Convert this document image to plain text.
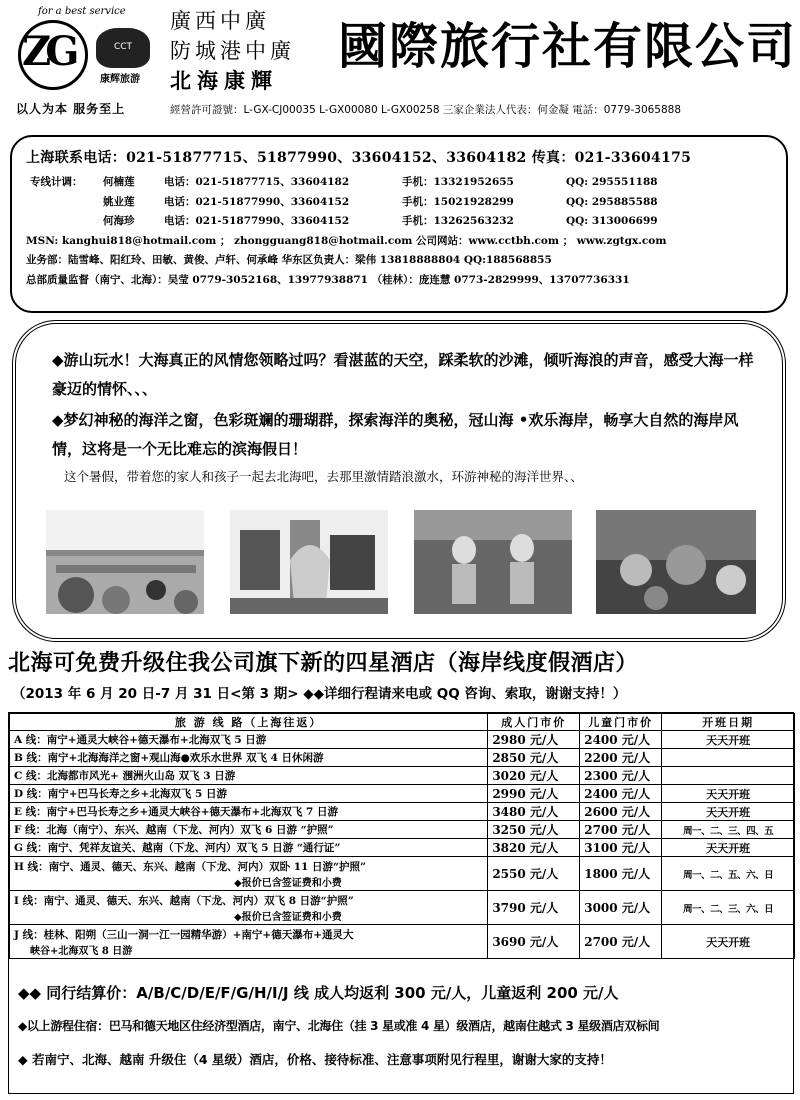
for a best service
ZG	CCT
康辉旅游
以人为本 服务至上
廣西中廣
防城港中廣
北海康輝
國際旅行社有限公司
經營許可證號：L-GX-CJ00035 L-GX00080 L-GX00258 三家企業法人代表：何金凝 電話：0779-3065888
上海联系电话：021-51877715、51877990、33604152、33604182 传真：021-33604175
专线计调： 何楠莲	电话：021-51877715、33604182	手机：13321952655	QQ: 295551188
姚业莲	电话：021-51877990、33604152	手机：15021928299	QQ: 295885588
何海珍	电话：021-51877990、33604152	手机：13262563232	QQ: 313006699
MSN: kanghui818@hotmail.com ； zhongguang818@hotmail.com 公司网站：www.cctbh.com ； www.zgtgx.com
业务部：陆雪峰、阳红玲、田敏、黄俊、卢轩、何承峰 华东区负责人：梁伟 13818888804 QQ:188568855
总部质量监督（南宁、北海）：吴莹 0779-3052168、13977938871 （桂林）：庞连慧 0773-2829999、13707736331
◆游山玩水！大海真正的风情您领略过吗？看湛蓝的天空，踩柔软的沙滩，倾听海浪的声音，感受大海一样豪迈的情怀、、、
◆梦幻神秘的海洋之窗，色彩斑斓的珊瑚群，探索海洋的奥秘，冠山海 •欢乐海岸，畅享大自然的海岸风情，这将是一个无比难忘的滨海假日！
这个暑假，带着您的家人和孩子一起去北海吧，去那里激情踏浪激水，环游神秘的海洋世界、、
北海可免费升级住我公司旗下新的四星酒店（海岸线度假酒店）
（2013 年 6 月 20 日-7 月 31 日<第 3 期> ◆◆详细行程请来电或 QQ 咨询、索取，谢谢支持！）
旅 游 线 路（上海往返）	成人门市价	儿童门市价	开班日期
A 线：南宁+通灵大峡谷+德天瀑布+北海双飞 5 日游	2980 元/人	2400 元/人	天天开班
B 线：南宁+北海海洋之窗+观山海●欢乐水世界 双飞 4 日休闲游	2850 元/人	2200 元/人	
C 线：北海都市风光+ 涠洲火山岛 双飞 3 日游	3020 元/人	2300 元/人	
D 线：南宁+巴马长寿之乡+北海双飞 5 日游	2990 元/人	2400 元/人	天天开班
E 线：南宁+巴马长寿之乡+通灵大峡谷+德天瀑布+北海双飞 7 日游	3480 元/人	2600 元/人	天天开班
F 线：北海（南宁）、东兴、越南（下龙、河内）双飞 6 日游 “护照”	3250 元/人	2700 元/人	周一、二、三、四、五
G 线：南宁、凭祥友谊关、越南（下龙、河内）双飞 5 日游 “通行证”	3820 元/人	3100 元/人	天天开班
H 线：南宁、通灵、德天、东兴、越南（下龙、河内）双卧 11 日游“护照”
◆报价已含签证费和小费	2550 元/人	1800 元/人	周一、二、五、六、日
I 线：南宁、通灵、德天、东兴、越南（下龙、河内）双飞 8 日游“护照”
◆报价已含签证费和小费	3790 元/人	3000 元/人	周一、二、三、六、日
J 线：桂林、阳朔（三山一洞一江一园精华游）+南宁+德天瀑布+通灵大
峡谷+北海双飞 8 日游	3690 元/人	2700 元/人	天天开班
◆◆ 同行结算价：A/B/C/D/E/F/G/H/I/J 线 成人均返利 300 元/人，儿童返利 200 元/人
◆以上游程住宿：巴马和德天地区住经济型酒店，南宁、北海住（挂 3 星或准 4 星）级酒店，越南住越式 3 星级酒店双标间
◆ 若南宁、北海、越南 升级住（4 星级）酒店，价格、接待标准、注意事项附见行程里，谢谢大家的支持！
